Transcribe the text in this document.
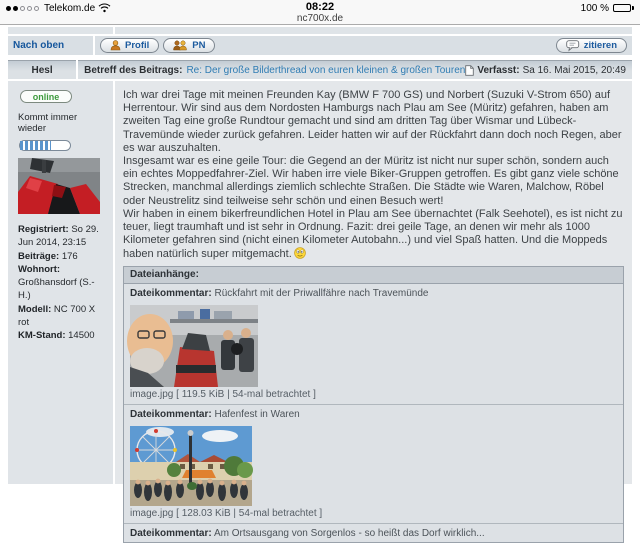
Telekom.de	08:22
nc700x.de
100 %
Nach oben	Profil	PN	zitieren
Hesl	Betreff des Beitrags: Re: Der große Bilderthread von euren kleinen & großen Touren Verfasst: Sa 16. Mai 2015, 20:49
online
Kommt immer wieder
Registriert: So 29. Jun 2014, 23:15
Beiträge: 176
Wohnort: Großhansdorf (S.-H.)
Modell: NC 700 X rot
KM-Stand: 14500

Ich war drei Tage mit meinen Freunden Kay (BMW F 700 GS) und Norbert (Suzuki V-Strom 650) auf Herrentour. Wir sind aus dem Nordosten Hamburgs nach Plau am See (Müritz) gefahren, haben am zweiten Tag eine große Rundtour gemacht und sind am dritten Tag über Wismar und Lübeck-Travemünde wieder zurück gefahren. Leider hatten wir auf der Rückfahrt dann doch noch Regen, aber es war auszuhalten.

Insgesamt war es eine geile Tour: die Gegend an der Müritz ist nicht nur super schön, sondern auch ein echtes Moppedfahrer-Ziel. Wir haben irre viele Biker-Gruppen getroffen. Es gibt ganz viele schöne Strecken, manchmal allerdings ziemlich schlechte Straßen. Die Städte wie Waren, Malchow, Röbel oder Neustrelitz sind teilweise sehr schön und einen Besuch wert!

Wir haben in einem bikerfreundlichen Hotel in Plau am See übernachtet (Falk Seehotel), es ist nicht zu teuer, liegt traumhaft und ist sehr in Ordnung. Fazit: drei geile Tage, an denen wir mehr als 1000 Kilometer gefahren sind (nicht einen Kilometer Autobahn...) und viel Spaß hatten. Und die Moppeds haben natürlich super mitgemacht.

Dateianhänge:
Dateikommentar: Rückfahrt mit der Priwallfähre nach Travemünde
image.jpg [ 119.5 KiB | 54-mal betrachtet ]
Dateikommentar: Hafenfest in Waren
image.jpg [ 128.03 KiB | 54-mal betrachtet ]
Dateikommentar: Am Ortsausgang von Sorgenlos - so heißt das Dorf wirklich...
